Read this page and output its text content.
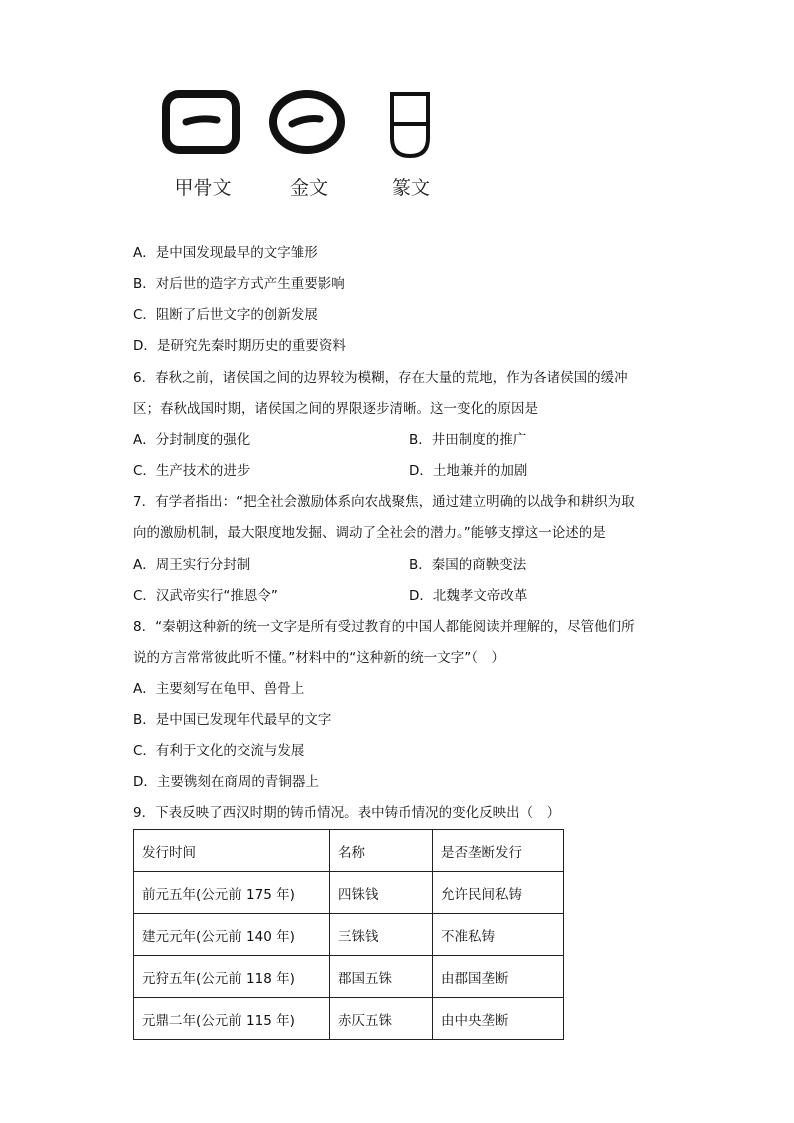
甲骨文	金文	篆文
A．是中国发现最早的文字雏形
B．对后世的造字方式产生重要影响
C．阻断了后世文字的创新发展
D．是研究先秦时期历史的重要资料
6．春秋之前，诸侯国之间的边界较为模糊，存在大量的荒地，作为各诸侯国的缓冲
区；春秋战国时期，诸侯国之间的界限逐步清晰。这一变化的原因是
A．分封制度的强化	B．井田制度的推广
C．生产技术的进步	D．土地兼并的加剧
7．有学者指出：“把全社会激励体系向农战聚焦，通过建立明确的以战争和耕织为取
向的激励机制，最大限度地发掘、调动了全社会的潜力。”能够支撑这一论述的是
A．周王实行分封制	B．秦国的商鞅变法
C．汉武帝实行“推恩令”	D．北魏孝文帝改革
8．“秦朝这种新的统一文字是所有受过教育的中国人都能阅读并理解的，尽管他们所
说的方言常常彼此听不懂。”材料中的“这种新的统一文字”（　）
A．主要刻写在龟甲、兽骨上
B．是中国已发现年代最早的文字
C．有利于文化的交流与发展
D．主要镌刻在商周的青铜器上
9．下表反映了西汉时期的铸币情况。表中铸币情况的变化反映出（　）
发行时间	名称	是否垄断发行
前元五年(公元前 175 年)	四铢钱	允许民间私铸
建元元年(公元前 140 年)	三铢钱	不准私铸
元狩五年(公元前 118 年)	郡国五铢	由郡国垄断
元鼎二年(公元前 115 年)	赤仄五铢	由中央垄断
